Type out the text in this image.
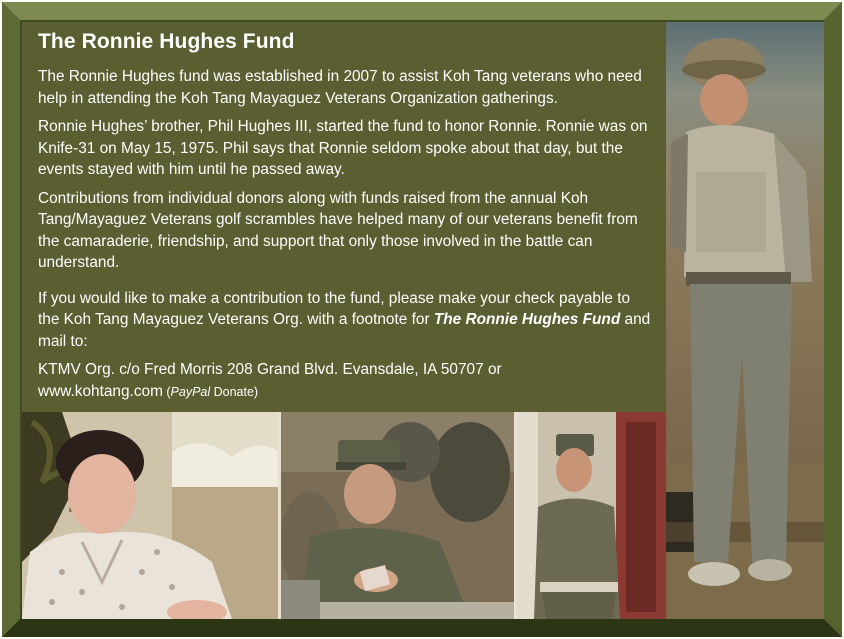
The Ronnie Hughes Fund

The Ronnie Hughes fund was established in 2007 to assist Koh Tang veterans who need help in attending the Koh Tang Mayaguez Veterans Organization gatherings.

Ronnie Hughes’ brother, Phil Hughes III, started the fund to honor Ronnie. Ronnie was on Knife-31 on May 15, 1975. Phil says that Ronnie seldom spoke about that day, but the events stayed with him until he passed away.

Contributions from individual donors along with funds raised from the annual Koh Tang/Mayaguez Veterans golf scrambles have helped many of our veterans benefit from the camaraderie, friendship, and support that only those involved in the battle can understand.

If you would like to make a contribution to the fund, please make your check payable to the Koh Tang Mayaguez Veterans Org. with a footnote for The Ronnie Hughes Fund and mail to:

KTMV Org. c/o Fred Morris 208 Grand Blvd. Evansdale, IA 50707 or
www.kohtang.com (PayPal Donate)
